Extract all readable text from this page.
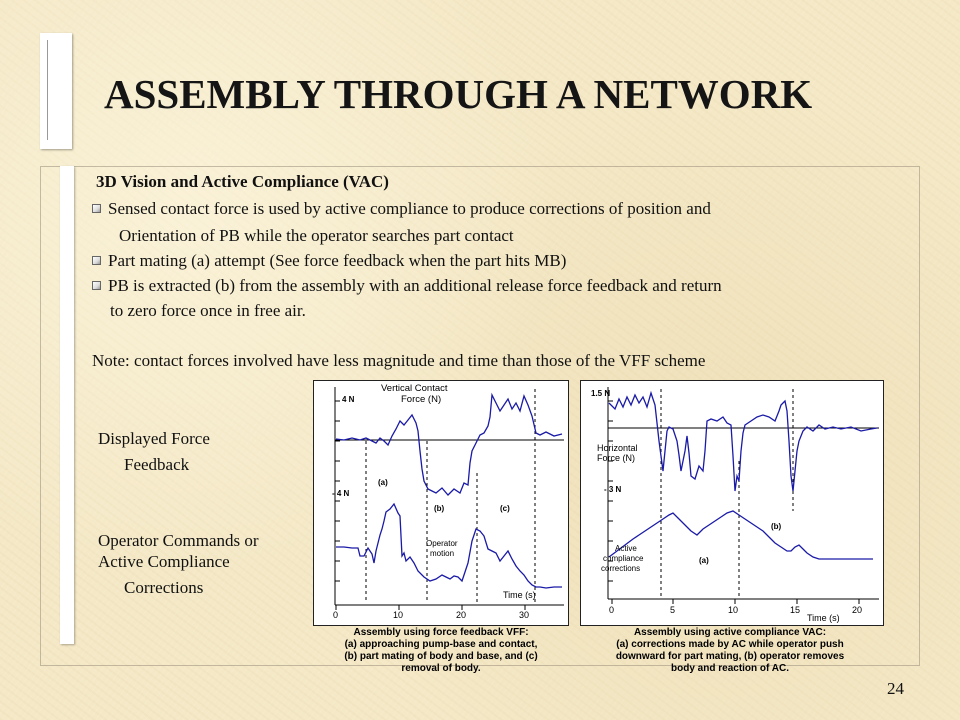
ASSEMBLY THROUGH A NETWORK
3D Vision and Active Compliance (VAC)
Sensed contact force is used by active compliance to produce corrections of position and
Orientation of PB while the operator searches part contact
Part mating (a) attempt (See force feedback when the part hits MB)
PB is extracted (b) from the assembly with an additional release force feedback and return
to zero force once in free air.
Note: contact forces involved have less magnitude and time than those of the VFF scheme
Displayed Force
Feedback
Operator Commands or
Active Compliance
Corrections
Vertical Contact
Force (N)
4 N
- 4 N
(a)
(b)	(c)
Operator
motion
Time (s)
0	10	20	30
1.5 N
Horizontal
Force (N)
- 3 N
(b)
Active
compliance
corrections
(a)
Time (s)
0	5	10	15	20
Assembly using force feedback VFF:
(a) approaching pump-base and contact,
(b) part mating of body and base, and (c)
removal of body.
Assembly using active compliance VAC:
(a) corrections made by AC while operator push
downward for part mating, (b) operator removes
body and reaction of AC.
24
